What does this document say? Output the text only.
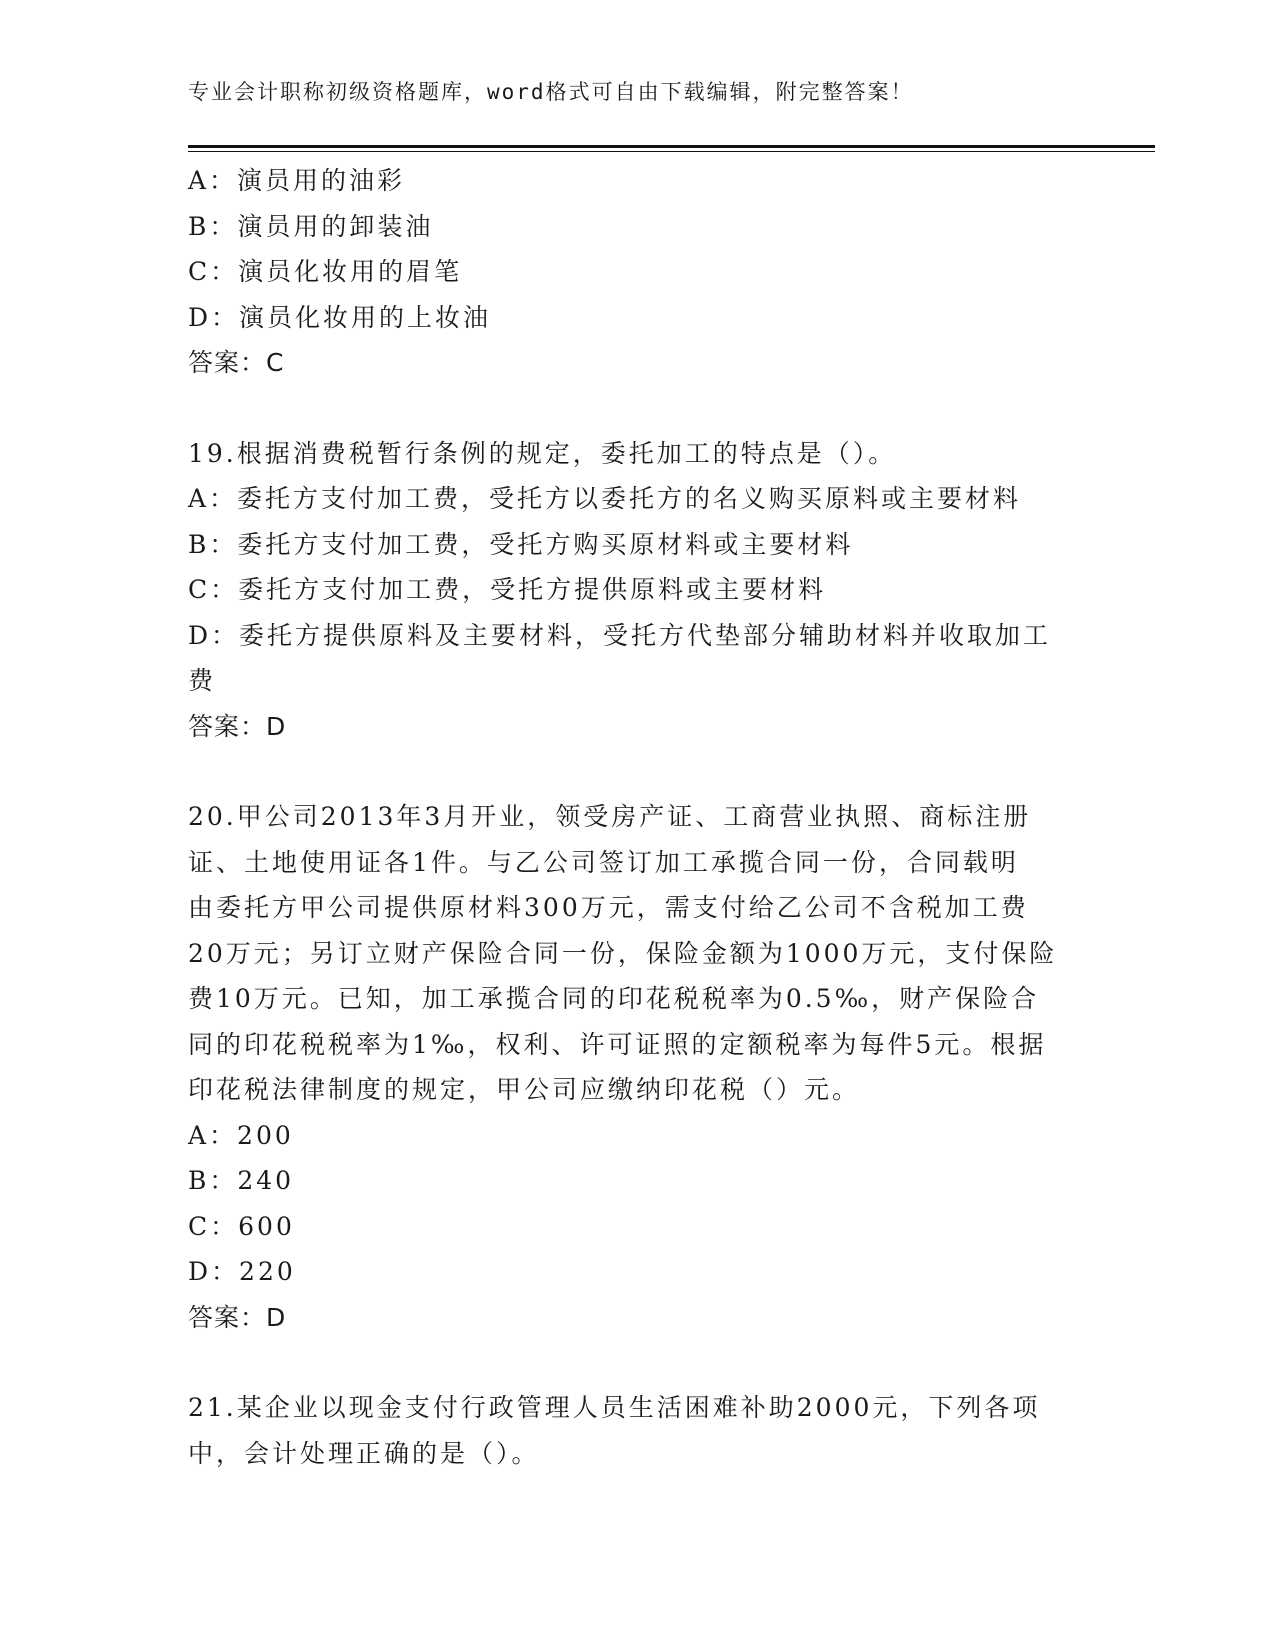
专业会计职称初级资格题库，word格式可自由下载编辑，附完整答案！
A：演员用的油彩
B：演员用的卸装油
C：演员化妆用的眉笔
D：演员化妆用的上妆油
答案：C
19.根据消费税暂行条例的规定，委托加工的特点是（）。
A：委托方支付加工费，受托方以委托方的名义购买原料或主要材料
B：委托方支付加工费，受托方购买原材料或主要材料
C：委托方支付加工费，受托方提供原料或主要材料
D：委托方提供原料及主要材料，受托方代垫部分辅助材料并收取加工
费
答案：D
20.甲公司2013年3月开业，领受房产证、工商营业执照、商标注册
证、土地使用证各1件。与乙公司签订加工承揽合同一份，合同载明
由委托方甲公司提供原材料300万元，需支付给乙公司不含税加工费
20万元；另订立财产保险合同一份，保险金额为1000万元，支付保险
费10万元。已知，加工承揽合同的印花税税率为0.5‰，财产保险合
同的印花税税率为1‰，权利、许可证照的定额税率为每件5元。根据
印花税法律制度的规定，甲公司应缴纳印花税（）元。
A：200
B：240
C：600
D：220
答案：D
21.某企业以现金支付行政管理人员生活困难补助2000元，下列各项
中，会计处理正确的是（）。
